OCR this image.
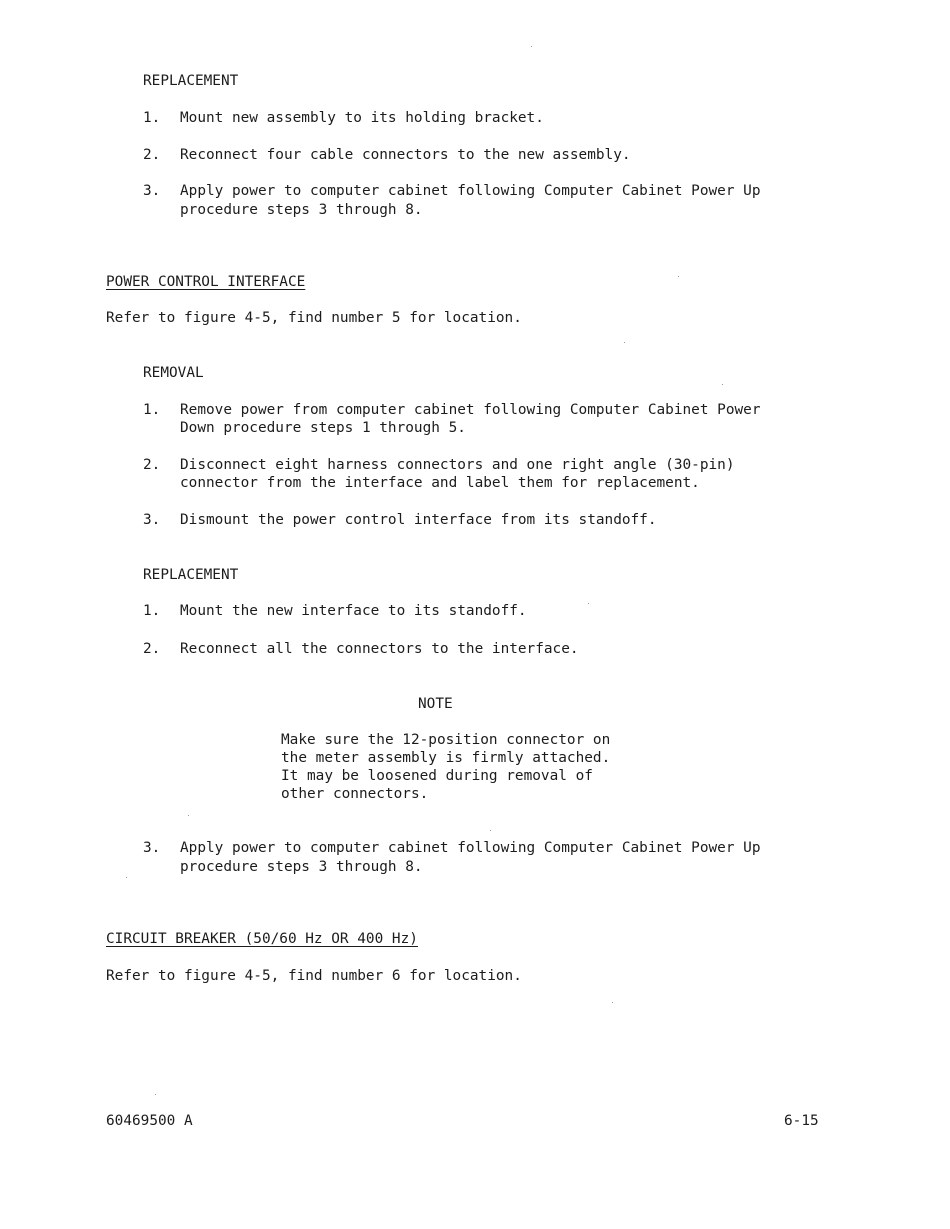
REPLACEMENT

1. Mount new assembly to its holding bracket.

2. Reconnect four cable connectors to the new assembly.

3. Apply power to computer cabinet following Computer Cabinet Power Up

procedure steps 3 through 8.

POWER CONTROL INTERFACE

Refer to figure 4-5, find number 5 for location.

REMOVAL

1. Remove power from computer cabinet following Computer Cabinet Power

Down procedure steps 1 through 5.

2. Disconnect eight harness connectors and one right angle (30-pin)

connector from the interface and label them for replacement.

3. Dismount the power control interface from its standoff.

REPLACEMENT

1. Mount the new interface to its standoff.

2. Reconnect all the connectors to the interface.

NOTE

Make sure the 12-position connector on

the meter assembly is firmly attached.

It may be loosened during removal of

other connectors.

3. Apply power to computer cabinet following Computer Cabinet Power Up

procedure steps 3 through 8.

CIRCUIT BREAKER (50/60 Hz OR 400 Hz)

Refer to figure 4-5, find number 6 for location.

60469500 A	6-15
